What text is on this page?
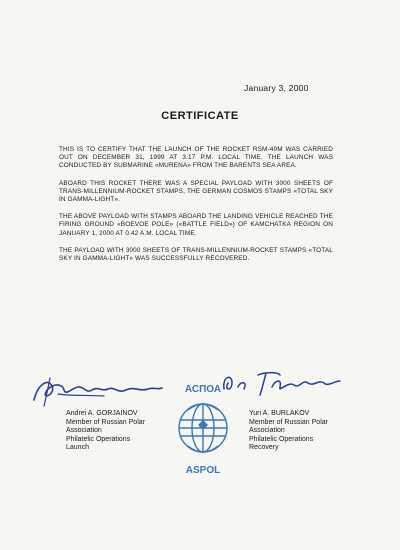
January 3, 2000
CERTIFICATE

THIS IS TO CERTIFY THAT THE LAUNCH OF THE ROCKET RSM-40M WAS CARRIED OUT ON DECEMBER 31, 1999 AT 3.17 P.M. LOCAL TIME. THE LAUNCH WAS CONDUCTED BY SUBMARINE «MURENA» FROM THE BARENTS SEA AREA.

ABOARD THIS ROCKET THERE WAS A SPECIAL PAYLOAD WITH 3000 SHEETS OF TRANS-MILLENNIUM-ROCKET STAMPS, THE GERMAN COSMOS STAMPS «TOTAL SKY IN GAMMA-LIGHT».

THE ABOVE PAYLOAD WITH STAMPS ABOARD THE LANDING VEHICLE REACHED THE FIRING GROUND «BOEVOE POLE» («BATTLE FIELD») OF KAMCHATKA REGION ON JANUARY 1, 2000 AT 0.42 A.M. LOCAL TIME.

THE PAYLOAD WITH 3000 SHEETS OF TRANS-MILLENNIUM-ROCKET STAMPS «TOTAL SKY IN GAMMA-LIGHT» WAS SUCCESSFULLY RECOVERED.

Andrei A. GORJAINOV
Member of Russian Polar
Association
Philatelic Operations
Launch
Yuri A. BURLAKOV
Member of Russian Polar
Association
Philatelic Operations
Recovery
АСПОА
ASPOL
